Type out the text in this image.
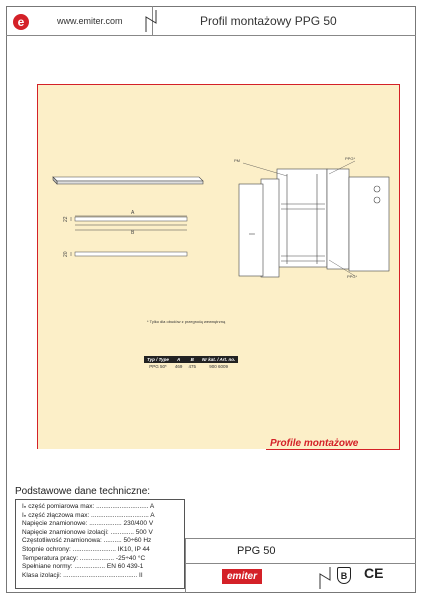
e	www.emiter.com	Profil montażowy PPG 50
A
B
22
20
PM	PPG*
PPG*
* Tylko dla obudów z przegrodą wewnętrzną
Typ / Type	A	B	Nr kat. / Art. no.
PPG 50*	469	475	900 6009
Profile montażowe
Podstawowe dane techniczne:
Iₙ część pomiarowa max: ............................. A
Iₙ część złączowa max: ................................ A
Napięcie znamionowe: .................. 230/400 V
Napięcie znamionowe izolacji: ............. 500 V
Częstotliwość znamionowa: .......... 50÷60 Hz
Stopnie ochrony: ........................ IK10, IP 44
Temperatura pracy: ................... -25÷40 °C
Spełniane normy: ................. EN 60 439-1
Klasa izolacji: ......................................... II
PPG 50
emiter	B CE
